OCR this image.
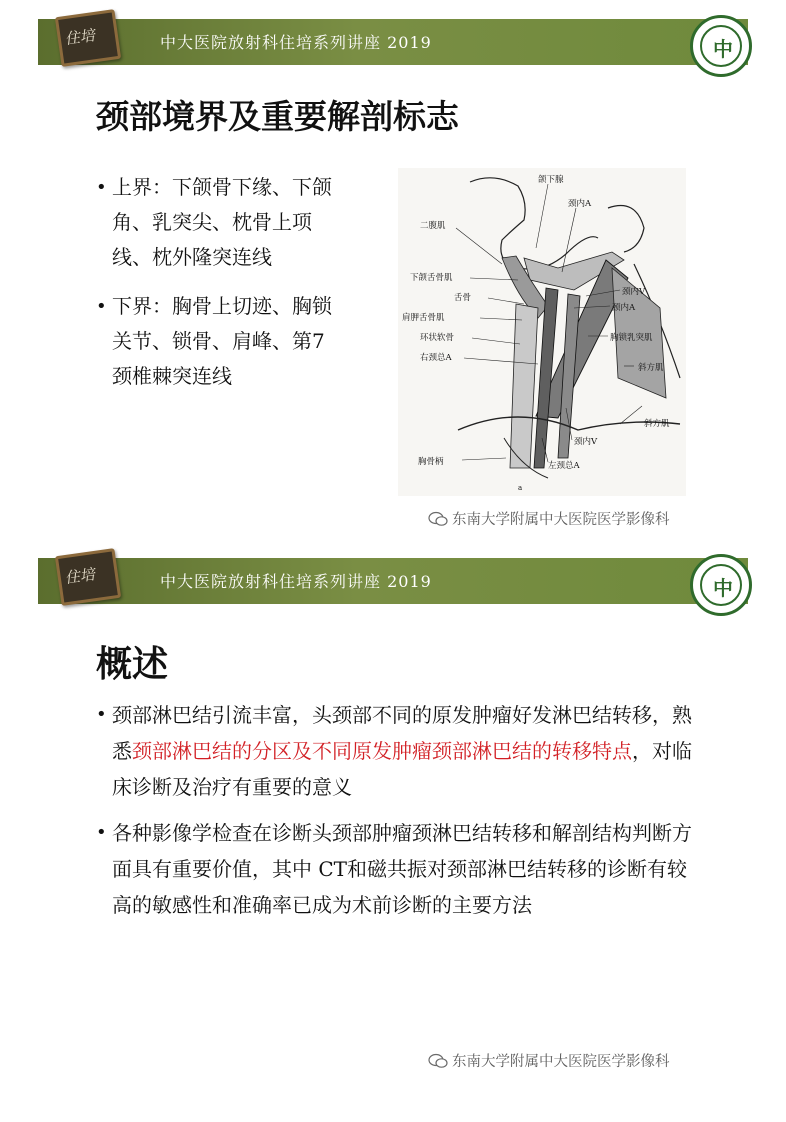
住培	中大医院放射科住培系列讲座 2019	中
颈部境界及重要解剖标志
• 上界：下颌骨下缘、下颌角、乳突尖、枕骨上项线、枕外隆突连线
• 下界：胸骨上切迹、胸锁关节、锁骨、肩峰、第7颈椎棘突连线
颌下腺
颈内A
二腹肌
下颌舌骨肌
舌骨
肩胛舌骨肌
环状软骨
右颈总A
颈内V
颈内A
胸锁乳突肌
斜方肌
斜方肌
颈内V
胸骨柄	左颈总A
a
东南大学附属中大医院医学影像科
住培	中大医院放射科住培系列讲座 2019	中
概述
• 颈部淋巴结引流丰富，头颈部不同的原发肿瘤好发淋巴结转移，熟悉颈部淋巴结的分区及不同原发肿瘤颈部淋巴结的转移特点，对临床诊断及治疗有重要的意义
• 各种影像学检查在诊断头颈部肿瘤颈淋巴结转移和解剖结构判断方面具有重要价值，其中 CT和磁共振对颈部淋巴结转移的诊断有较高的敏感性和准确率已成为术前诊断的主要方法
东南大学附属中大医院医学影像科
